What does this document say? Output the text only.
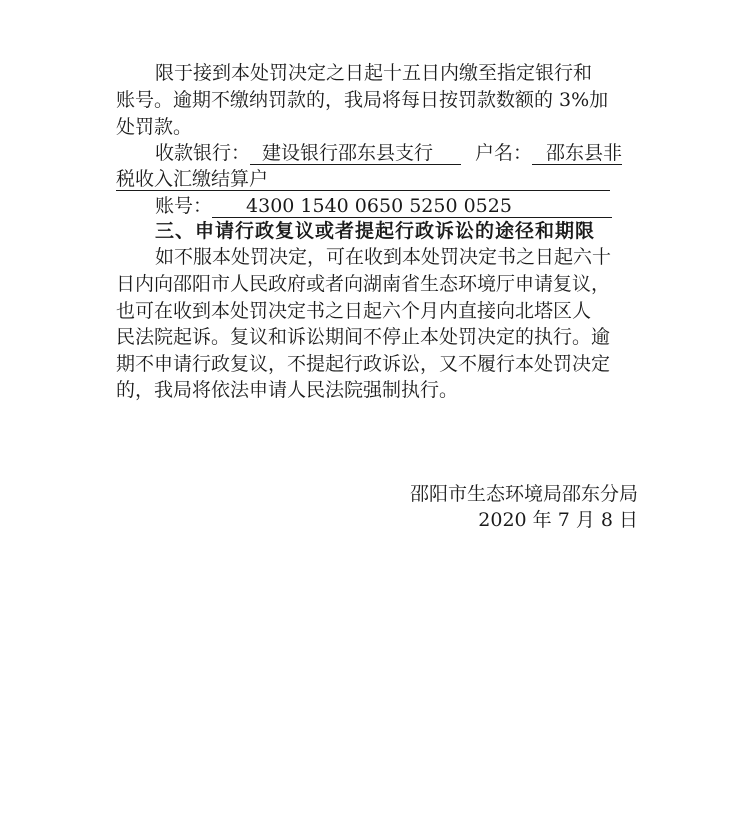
限于接到本处罚决定之日起十五日内缴至指定银行和
账号。逾期不缴纳罚款的，我局将每日按罚款数额的 3%加
处罚款。
收款银行： 建设银行邵东县支行 户名： 邵东县非
税收入汇缴结算户
账号： 4300 1540 0650 5250 0525
三、申请行政复议或者提起行政诉讼的途径和期限
如不服本处罚决定，可在收到本处罚决定书之日起六十
日内向邵阳市人民政府或者向湖南省生态环境厅申请复议，
也可在收到本处罚决定书之日起六个月内直接向北塔区人
民法院起诉。复议和诉讼期间不停止本处罚决定的执行。逾
期不申请行政复议，不提起行政诉讼，又不履行本处罚决定
的，我局将依法申请人民法院强制执行。
邵阳市生态环境局邵东分局
2020 年 7 月 8 日
